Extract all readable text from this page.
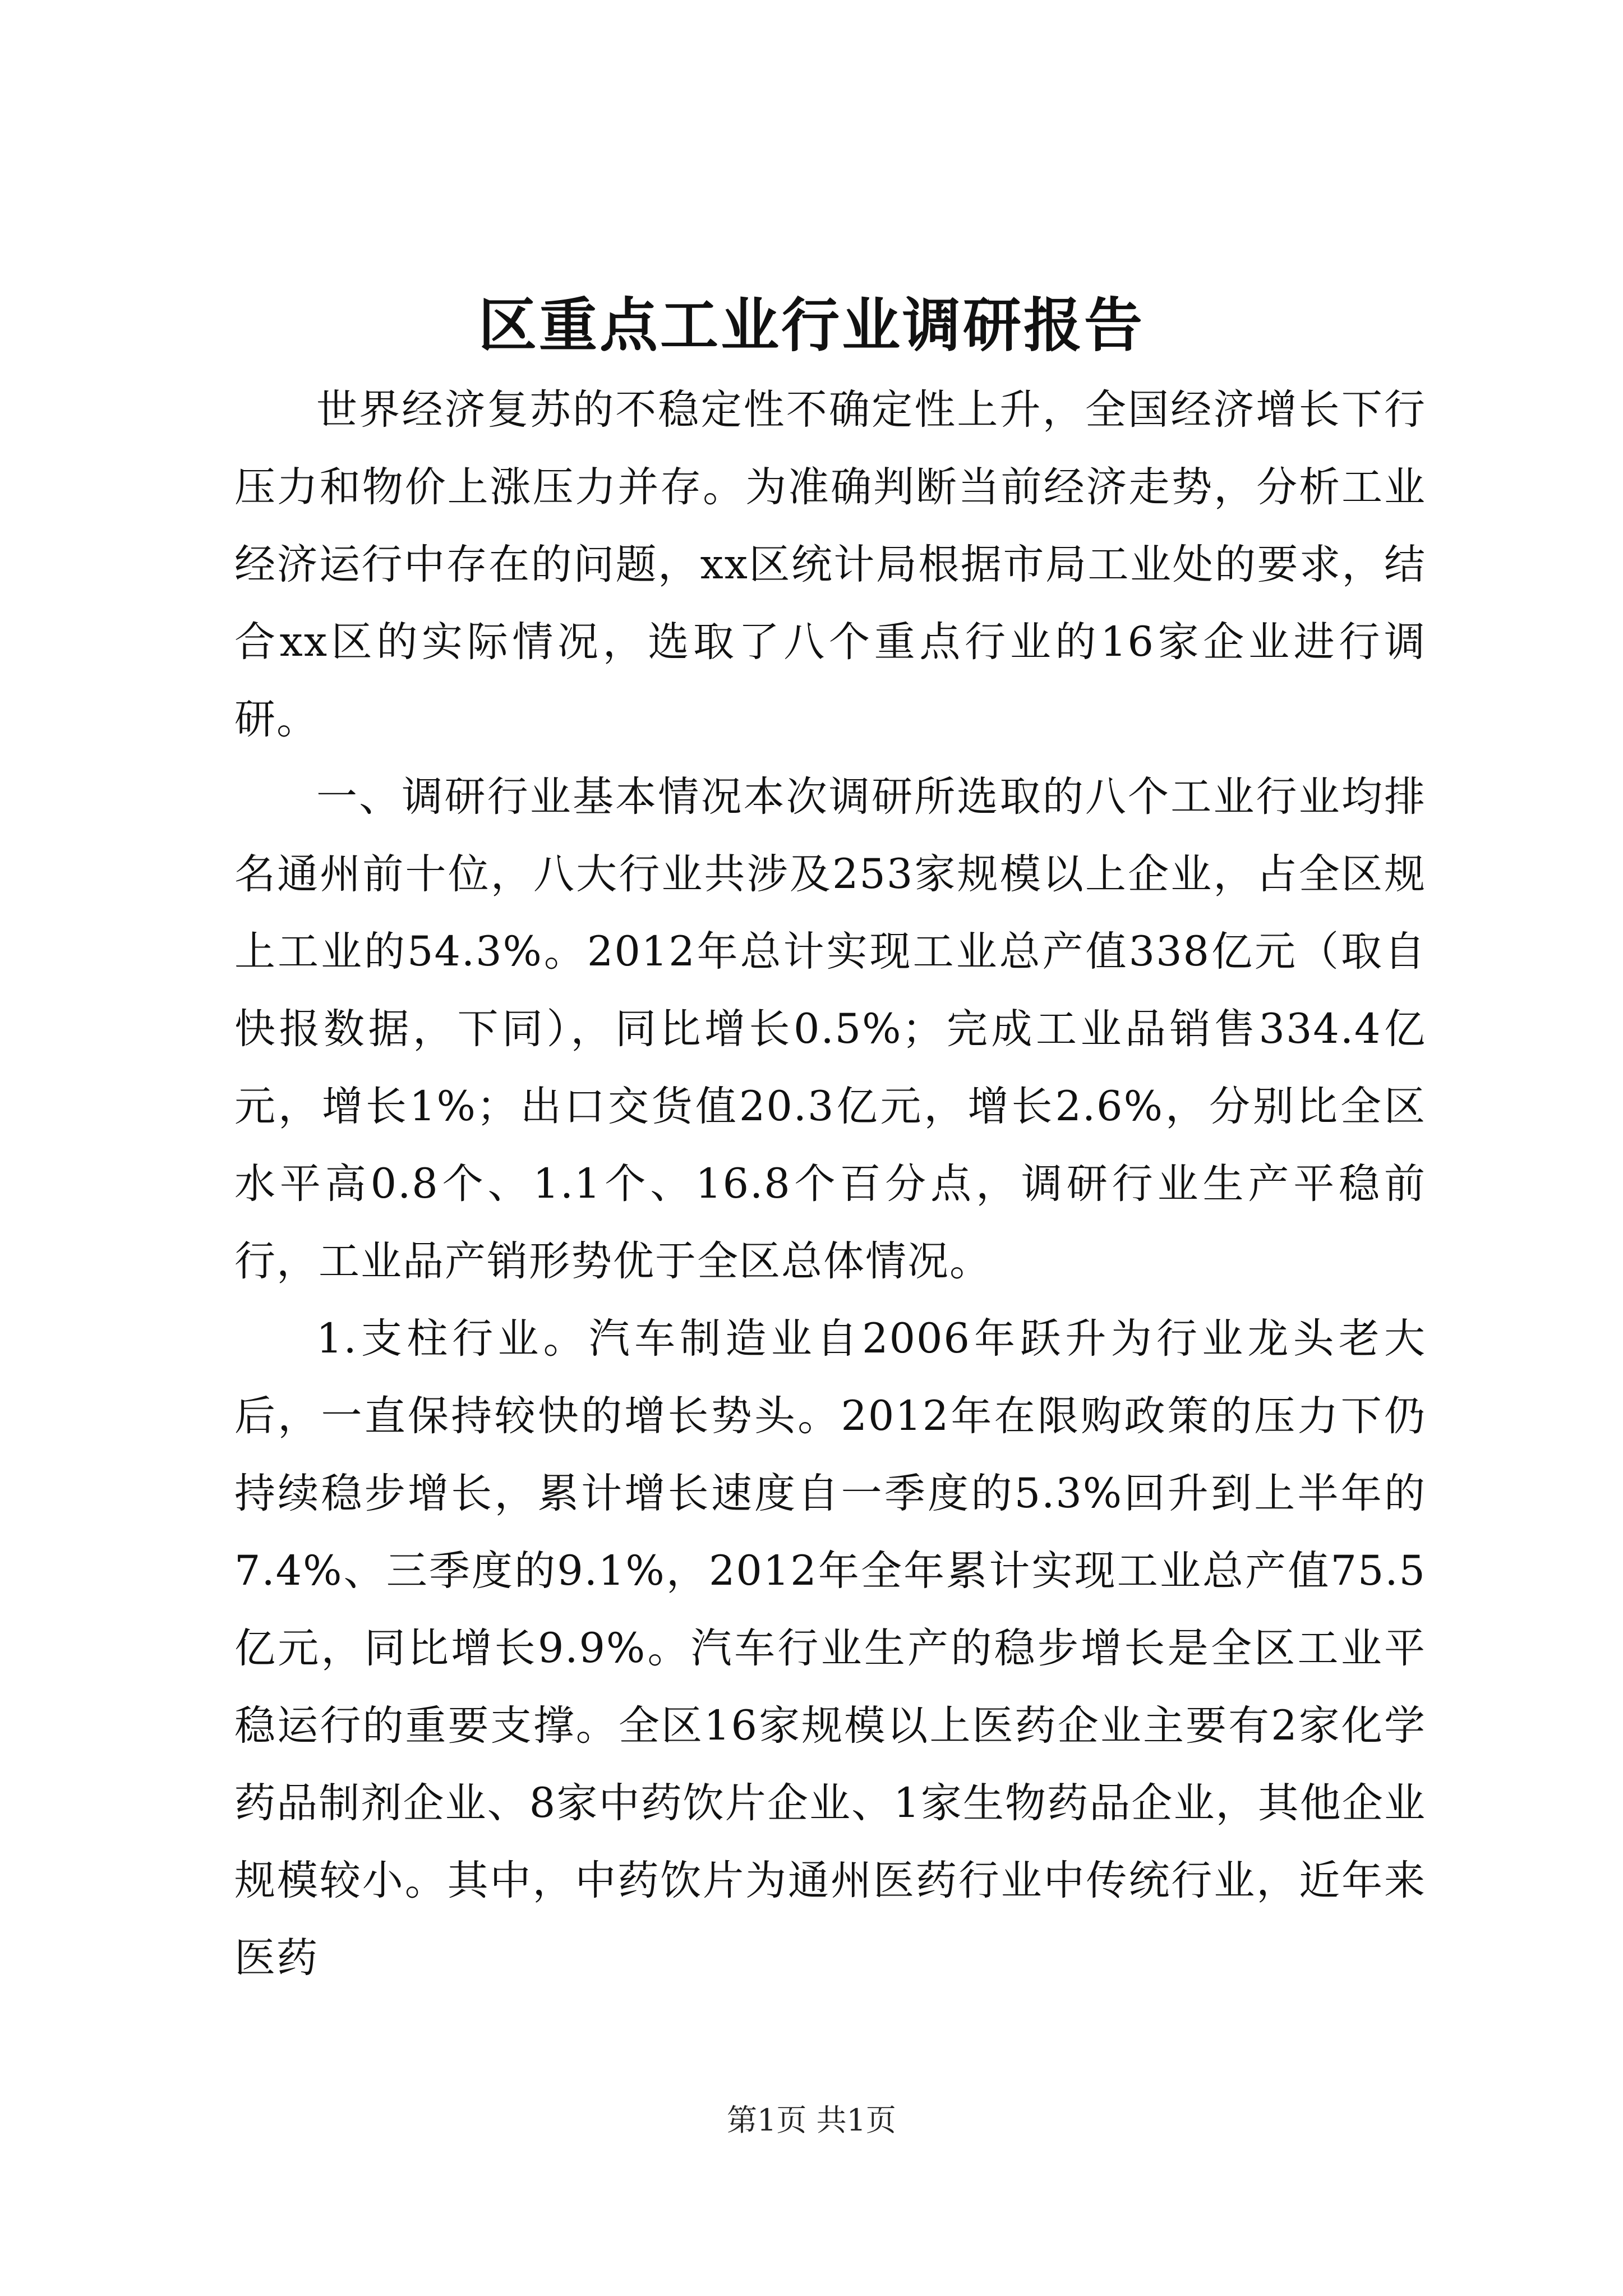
区重点工业行业调研报告

世界经济复苏的不稳定性不确定性上升，全国经济增长下行压力和物价上涨压力并存。为准确判断当前经济走势，分析工业经济运行中存在的问题，xx区统计局根据市局工业处的要求，结合xx区的实际情况，选取了八个重点行业的16家企业进行调研。

一、调研行业基本情况本次调研所选取的八个工业行业均排名通州前十位，八大行业共涉及253家规模以上企业，占全区规上工业的54.3%。2012年总计实现工业总产值338亿元（取自快报数据，下同），同比增长0.5%；完成工业品销售334.4亿元，增长1%；出口交货值20.3亿元，增长2.6%，分别比全区水平高0.8个、1.1个、16.8个百分点，调研行业生产平稳前行，工业品产销形势优于全区总体情况。

1.支柱行业。汽车制造业自2006年跃升为行业龙头老大后，一直保持较快的增长势头。2012年在限购政策的压力下仍持续稳步增长，累计增长速度自一季度的5.3%回升到上半年的7.4%、三季度的9.1%，2012年全年累计实现工业总产值75.5亿元，同比增长9.9%。汽车行业生产的稳步增长是全区工业平稳运行的重要支撑。全区16家规模以上医药企业主要有2家化学药品制剂企业、8家中药饮片企业、1家生物药品企业，其他企业规模较小。其中，中药饮片为通州医药行业中传统行业，近年来医药

第1页 共1页
